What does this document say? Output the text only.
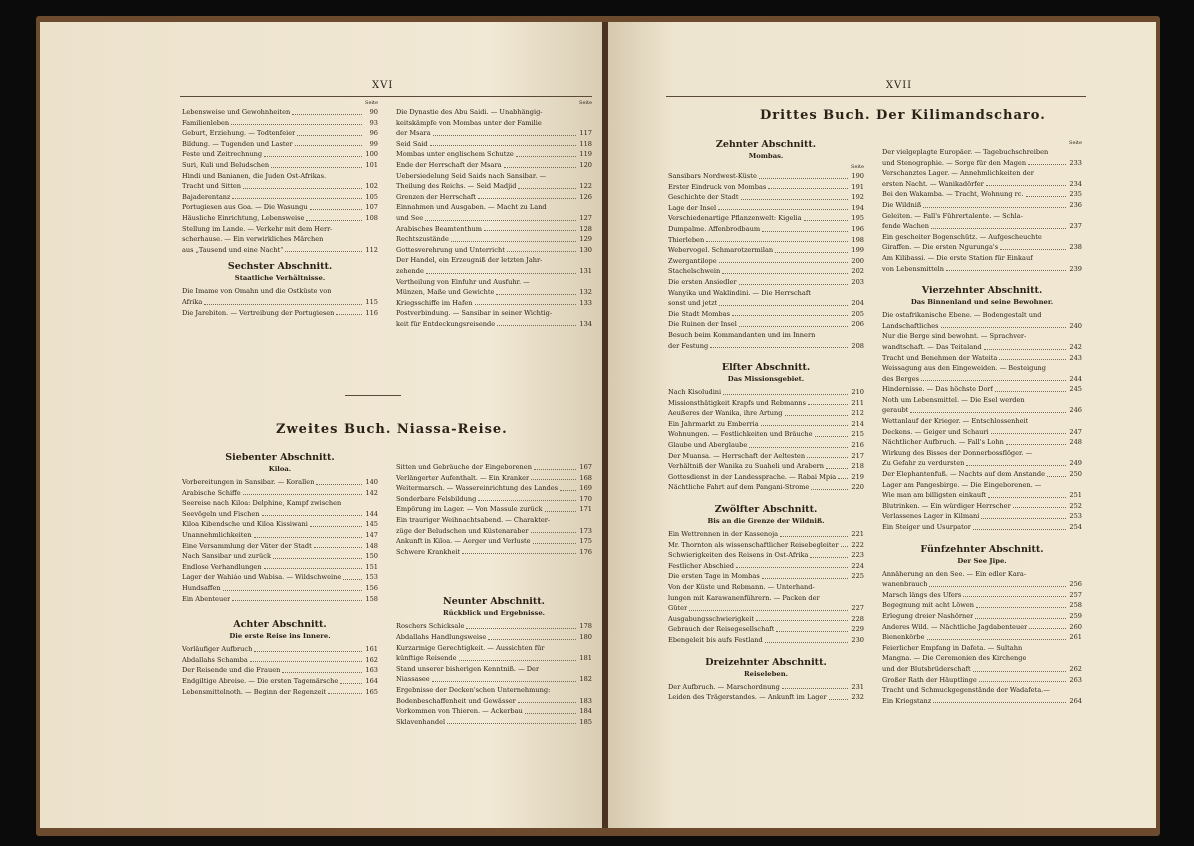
XVI
Seite
Lebensweise und Gewohnheiten	90
Familienleben	93
Geburt, Erziehung. — Todtenfeier	96
Bildung. — Tugenden und Laster	99
Feste und Zeitrechnung	100
Suri, Kuli und Beludschen	101
Hindi und Banianen, die Juden Ost-Afrikas.
Tracht und Sitten	102
Bajaderentanz	105
Portugiesen aus Goa. — Die Wasungu	107
Häusliche Einrichtung, Lebensweise	108
Stellung im Lande. — Verkehr mit dem Herr-
scherhause. — Ein verwirkliches Märchen
aus „Tausend und eine Nacht“	112
Sechster Abschnitt.
Staatliche Verhältnisse.
Die Imame von Omahn und die Ostküste von
Afrika	115
Die Jarebiten. — Vertreibung der Portugiesen	116
Seite
Die Dynastie des Abu Saidi. — Unabhängig-
keitskämpfe von Mombas unter der Familie
der Msara	117
Seid Said	118
Mombas unter englischem Schutze	119
Ende der Herrschaft der Msara	120
Uebersiedelung Seid Saids nach Sansibar. —
Theilung des Reichs. — Seid Madjid	122
Grenzen der Herrschaft	126
Einnahmen und Ausgaben. — Macht zu Land
und See	127
Arabisches Beamtenthum	128
Rechtszustände	129
Gottesverehrung und Unterricht	130
Der Handel, ein Erzeugniß der letzten Jahr-
zehende	131
Vertheilung von Einfuhr und Ausfuhr. —
Münzen, Maße und Gewichte	132
Kriegsschiffe im Hafen	133
Postverbindung. — Sansibar in seiner Wichtig-
keit für Entdeckungsreisende	134
Zweites Buch. Niassa-Reise.
Siebenter Abschnitt.
Kiloa.
Vorbereitungen in Sansibar. — Korallen	140
Arabische Schiffe	142
Seereise nach Kiloa: Delphine, Kampf zwischen
Seevögeln und Fischen	144
Kiloa Kibendsche und Kiloa Kissiwani	145
Unannehmlichkeiten	147
Eine Versammlung der Väter der Stadt	148
Nach Sansibar und zurück	150
Endlose Verhandlungen	151
Lager der Wahiáo und Wabisa. — Wildschweine	153
Hundsaffen	156
Ein Abenteuer	158
Achter Abschnitt.
Die erste Reise ins Innere.
Vorläufiger Aufbruch	161
Abdallahs Schamba	162
Der Reisende und die Frauen	163
Endgiltige Abreise. — Die ersten Tagemärsche	164
Lebensmittelnoth. — Beginn der Regenzeit	165
Sitten und Gebräuche der Eingeborenen	167
Verlängerter Aufenthalt. — Ein Kranker	168
Weitermarsch. — Wassereinrichtung des Landes	169
Sonderbare Felsbildung	170
Empörung im Lager. — Von Massule zurück	171
Ein trauriger Weihnachtsabend. — Charakter-
züge der Beludschen und Küstenaraber	173
Ankunft in Kiloa. — Aerger und Verluste	175
Schwere Krankheit	176
Neunter Abschnitt.
Rückblick und Ergebnisse.
Roschers Schicksale	178
Abdallahs Handlungsweise	180
Kurzarmige Gerechtigkeit. — Aussichten für
künftige Reisende	181
Stand unserer bisherigen Kenntniß. — Der
Niassasee	182
Ergebnisse der Decken'schen Unternehmung:
Bodenbeschaffenheit und Gewässer	183
Vorkommen von Thieren. — Ackerbau	184
Sklavenhandel	185
XVII
Drittes Buch. Der Kilimandscharo.
Zehnter Abschnitt.
Mombas.
Seite
Sansibars Nordwest-Küste	190
Erster Eindruck von Mombas	191
Geschichte der Stadt	192
Lage der Insel	194
Verschiedenartige Pflanzenwelt: Kigelia	195
Dumpalme. Affenbrodbaum	196
Thierleben	198
Webervogel. Schmarotzermilan	199
Zwergantilope	200
Stachelschwein	202
Die ersten Ansiedler	203
Wanyika und Waklindini. — Die Herrschaft
sonst und jetzt	204
Die Stadt Mombas	205
Die Ruinen der Insel	206
Besuch beim Kommandanten und im Innern
der Festung	208
Elfter Abschnitt.
Das Missionsgebiet.
Nach Kisoludini	210
Missionsthätigkeit Krapfs und Rebmanns	211
Aeußeres der Wanika, ihre Artung	212
Ein Jahrmarkt zu Emberria	214
Wohnungen. — Festlichkeiten und Bräuche	215
Glaube und Aberglaube	216
Der Muansa. — Herrschaft der Aeltesten	217
Verhältniß der Wanika zu Suaheli und Arabern	218
Gottesdienst in der Landessprache. — Rabai Mpia 219
Nächtliche Fahrt auf dem Pangani-Strome	220
Zwölfter Abschnitt.
Bis an die Grenze der Wildniß.
Ein Wettrennen in der Kassenoja	221
Mr. Thornton als wissenschaftlicher Reisebegleiter 222
Schwierigkeiten des Reisens in Ost-Afrika	223
Festlicher Abschied	224
Die ersten Tage in Mombas	225
Von der Küste und Rebmann. — Unterhand-
lungen mit Karawanenführern. — Packen der
Güter	227
Ausgabungsschwierigkeit	228
Gebrauch der Reisegesellschaft	229
Ebengeleit bis aufs Festland	230
Dreizehnter Abschnitt.
Reiseleben.
Der Aufbruch. — Marschordnung	231
Leiden des Trägerstandes. — Ankunft im Lager	232
Seite
Der vielgeplagte Europäer. — Tagebuchschreiben
und Stenographie. — Sorge für den Magen	233
Verschanztes Lager. — Annehmlichkeiten der
ersten Nacht. — Wanikadörfer	234
Bei den Wakamba. — Tracht, Wohnung rc.	235
Die Wildniß	236
Geleiten. — Fall's Führertalente. — Schla-
fende Wachen	237
Ein gescheiter Bogenschütz. — Aufgescheuchte
Giraffen. — Die ersten Ngurunga's	238
Am Kilibassi. — Die erste Station für Einkauf
von Lebensmitteln	239
Vierzehnter Abschnitt.
Das Binnenland und seine Bewohner.
Die ostafrikanische Ebene. — Bodengestalt und
Landschaftliches	240
Nur die Berge sind bewohnt. — Sprachver-
wandtschaft. — Das Teitaland	242
Tracht und Benehmen der Wateita	243
Weissagung aus den Eingeweiden. — Besteigung
des Berges	244
Hindernisse. — Das höchste Dorf	245
Noth um Lebensmittel. — Die Esel werden
geraubt	246
Wettanlauf der Krieger. — Entschlossenheit
Deckens. — Geiger und Schauri	247
Nächtlicher Aufbruch. — Fall's Lohn	248
Wirkung des Bisses der Donnerbossflöger. —
Zu Gefahr zu verdursten	249
Der Elephantenfuß. — Nachts auf dem Anstande	250
Lager am Pangesbirge. — Die Eingeborenen. —
Wie man am billigsten einkauft	251
Blutrinken. — Ein würdiger Herrscher	252
Verlassenes Lager in Kilmani	253
Ein Steiger und Usurpator	254
Fünfzehnter Abschnitt.
Der See Jipe.
Annäherung an den See. — Ein edler Kara-
wanenbrauch	256
Marsch längs des Ufers	257
Begegnung mit acht Löwen	258
Erlegung dreier Nashörner	259
Anderes Wild. — Nächtliche Jagdabenteuer	260
Bienenkörbe	261
Feierlicher Empfang in Dafeta. — Sultahn
Mangna. — Die Ceremonien des Kirchenge
und der Blutsbrüderschaft	262
Großer Rath der Häuptlinge	263
Tracht und Schmuckgegenstände der Wadafeta.—
Ein Kriegstanz	264
